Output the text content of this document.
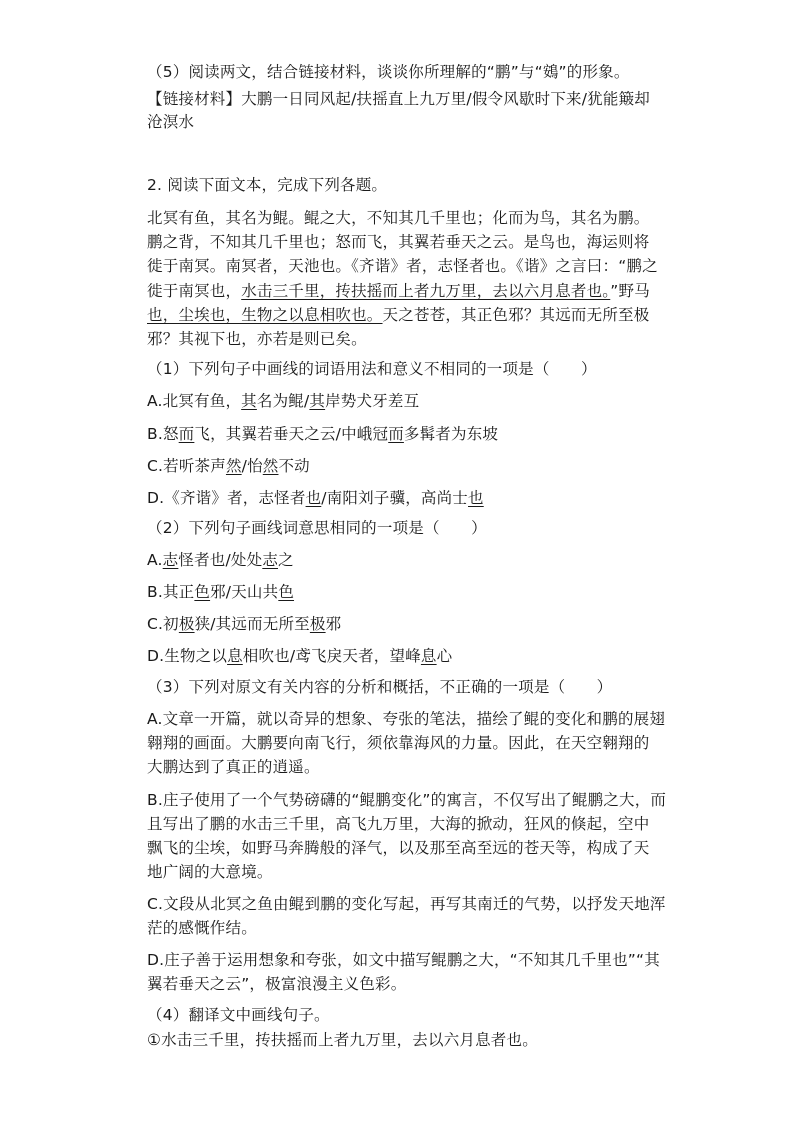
（5）阅读两文，结合链接材料，谈谈你所理解的“鹏”与“鴳”的形象。
【链接材料】大鹏一日同风起/扶摇直上九万里/假令风歇时下来/犹能簸却
沧溟水
2. 阅读下面文本，完成下列各题。
北冥有鱼，其名为鲲。鲲之大，不知其几千里也；化而为鸟，其名为鹏。
鹏之背，不知其几千里也；怒而飞，其翼若垂天之云。是鸟也，海运则将
徙于南冥。南冥者，天池也。《齐谐》者，志怪者也。《谐》之言曰：“鹏之
徙于南冥也，水击三千里，抟扶摇而上者九万里，去以六月息者也。”野马
也，尘埃也，生物之以息相吹也。天之苍苍，其正色邪？其远而无所至极
邪？其视下也，亦若是则已矣。
（1）下列句子中画线的词语用法和意义不相同的一项是（　　）
A.北冥有鱼，其名为鲲/其岸势犬牙差互
B.怒而飞，其翼若垂天之云/中峨冠而多髯者为东坡
C.若听茶声然/怡然不动
D.《齐谐》者，志怪者也/南阳刘子骥，高尚士也
（2）下列句子画线词意思相同的一项是（　　）
A.志怪者也/处处志之
B.其正色邪/天山共色
C.初极狭/其远而无所至极邪
D.生物之以息相吹也/鸢飞戾天者，望峰息心
（3）下列对原文有关内容的分析和概括，不正确的一项是（　　）
A.文章一开篇，就以奇异的想象、夸张的笔法，描绘了鲲的变化和鹏的展翅
翱翔的画面。大鹏要向南飞行，须依靠海风的力量。因此，在天空翱翔的
大鹏达到了真正的逍遥。
B.庄子使用了一个气势磅礴的“鲲鹏变化”的寓言，不仅写出了鲲鹏之大，而
且写出了鹏的水击三千里，高飞九万里，大海的掀动，狂风的倏起，空中
飘飞的尘埃，如野马奔腾般的泽气，以及那至高至远的苍天等，构成了天
地广阔的大意境。
C.文段从北冥之鱼由鲲到鹏的变化写起，再写其南迁的气势，以抒发天地浑
茫的感慨作结。
D.庄子善于运用想象和夸张，如文中描写鲲鹏之大，“不知其几千里也”“其
翼若垂天之云”，极富浪漫主义色彩。
（4）翻译文中画线句子。
①水击三千里，抟扶摇而上者九万里，去以六月息者也。
